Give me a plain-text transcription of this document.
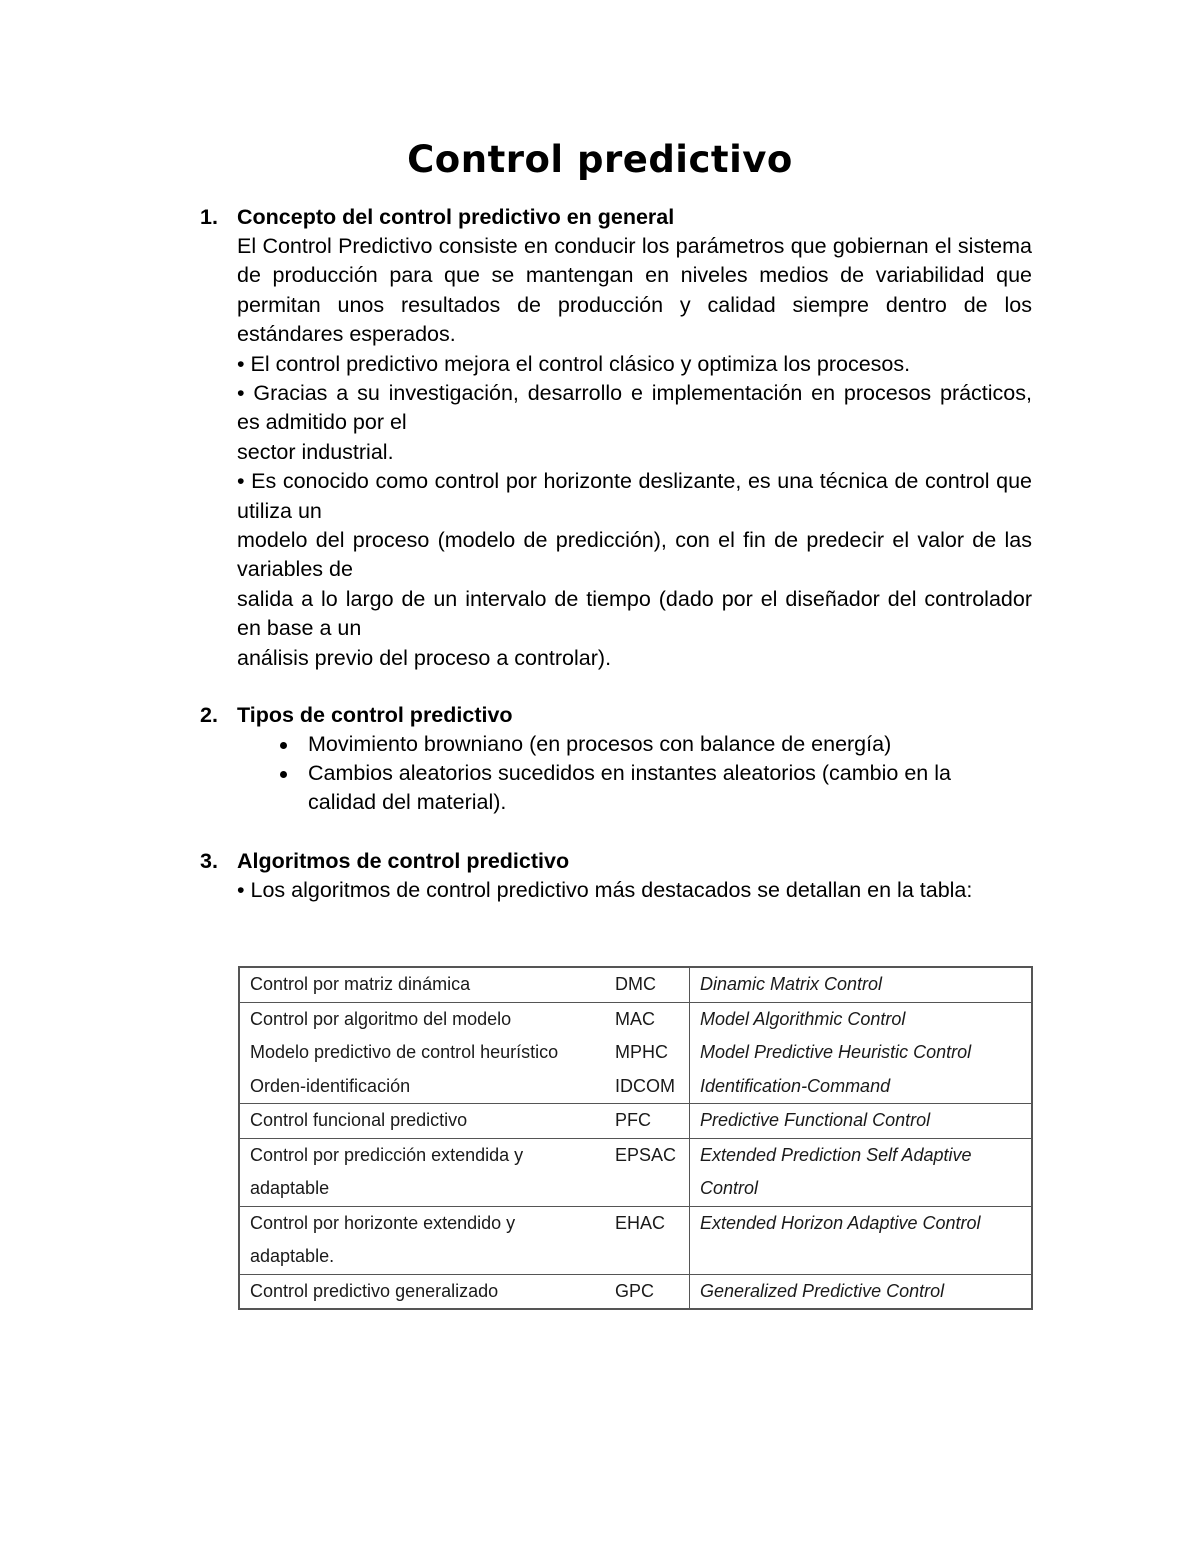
Control predictivo
1. Concepto del control predictivo en general

El Control Predictivo consiste en conducir los parámetros que gobiernan el sistema de producción para que se mantengan en niveles medios de variabilidad que permitan unos resultados de producción y calidad siempre dentro de los estándares esperados.

• El control predictivo mejora el control clásico y optimiza los procesos.

• Gracias a su investigación, desarrollo e implementación en procesos prácticos, es admitido por el

sector industrial.

• Es conocido como control por horizonte deslizante, es una técnica de control que utiliza un

modelo del proceso (modelo de predicción), con el fin de predecir el valor de las variables de

salida a lo largo de un intervalo de tiempo (dado por el diseñador del controlador en base a un

análisis previo del proceso a controlar).

2. Tipos de control predictivo
Movimiento browniano (en procesos con balance de energía)
Cambios aleatorios sucedidos en instantes aleatorios (cambio en la calidad del material).
3. Algoritmos de control predictivo
• Los algoritmos de control predictivo más destacados se detallan en la tabla:
Control por matriz dinámica	DMC	Dinamic Matrix Control
Control por algoritmo del modelo	MAC	Model Algorithmic Control
Modelo predictivo de control heurístico	MPHC	Model Predictive Heuristic Control
Orden-identificación	IDCOM	Identification-Command
Control funcional predictivo	PFC	Predictive Functional Control
Control por predicción extendida y adaptable	EPSAC	Extended Prediction Self Adaptive Control
Control por horizonte extendido y adaptable.	EHAC	Extended Horizon Adaptive Control
Control predictivo generalizado	GPC	Generalized Predictive Control
